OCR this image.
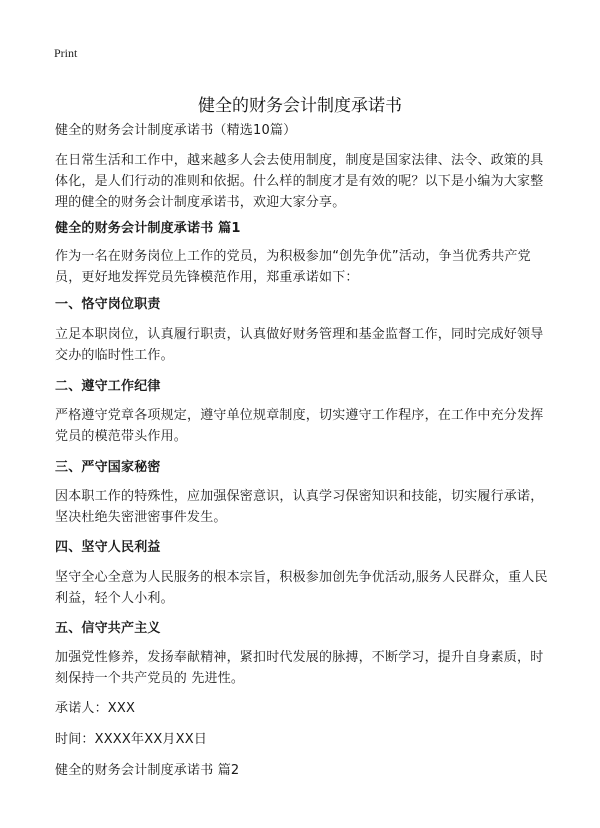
Print
健全的财务会计制度承诺书

健全的财务会计制度承诺书（精选10篇）

在日常生活和工作中，越来越多人会去使用制度，制度是国家法律、法令、政策的具体化，是人们行动的准则和依据。什么样的制度才是有效的呢？以下是小编为大家整理的健全的财务会计制度承诺书，欢迎大家分享。

健全的财务会计制度承诺书 篇1

作为一名在财务岗位上工作的党员，为积极参加“创先争优”活动，争当优秀共产党员，更好地发挥党员先锋模范作用，郑重承诺如下：

一、恪守岗位职责

立足本职岗位，认真履行职责，认真做好财务管理和基金监督工作，同时完成好领导交办的临时性工作。

二、遵守工作纪律

严格遵守党章各项规定，遵守单位规章制度，切实遵守工作程序，在工作中充分发挥党员的模范带头作用。

三、严守国家秘密

因本职工作的特殊性，应加强保密意识，认真学习保密知识和技能，切实履行承诺，坚决杜绝失密泄密事件发生。

四、坚守人民利益

坚守全心全意为人民服务的根本宗旨，积极参加创先争优活动,服务人民群众，重人民利益，轻个人小利。

五、信守共产主义

加强党性修养，发扬奉献精神，紧扣时代发展的脉搏，不断学习，提升自身素质，时刻保持一个共产党员的 先进性。

承诺人：XXX

时间：XXXX年XX月XX日

健全的财务会计制度承诺书 篇2
